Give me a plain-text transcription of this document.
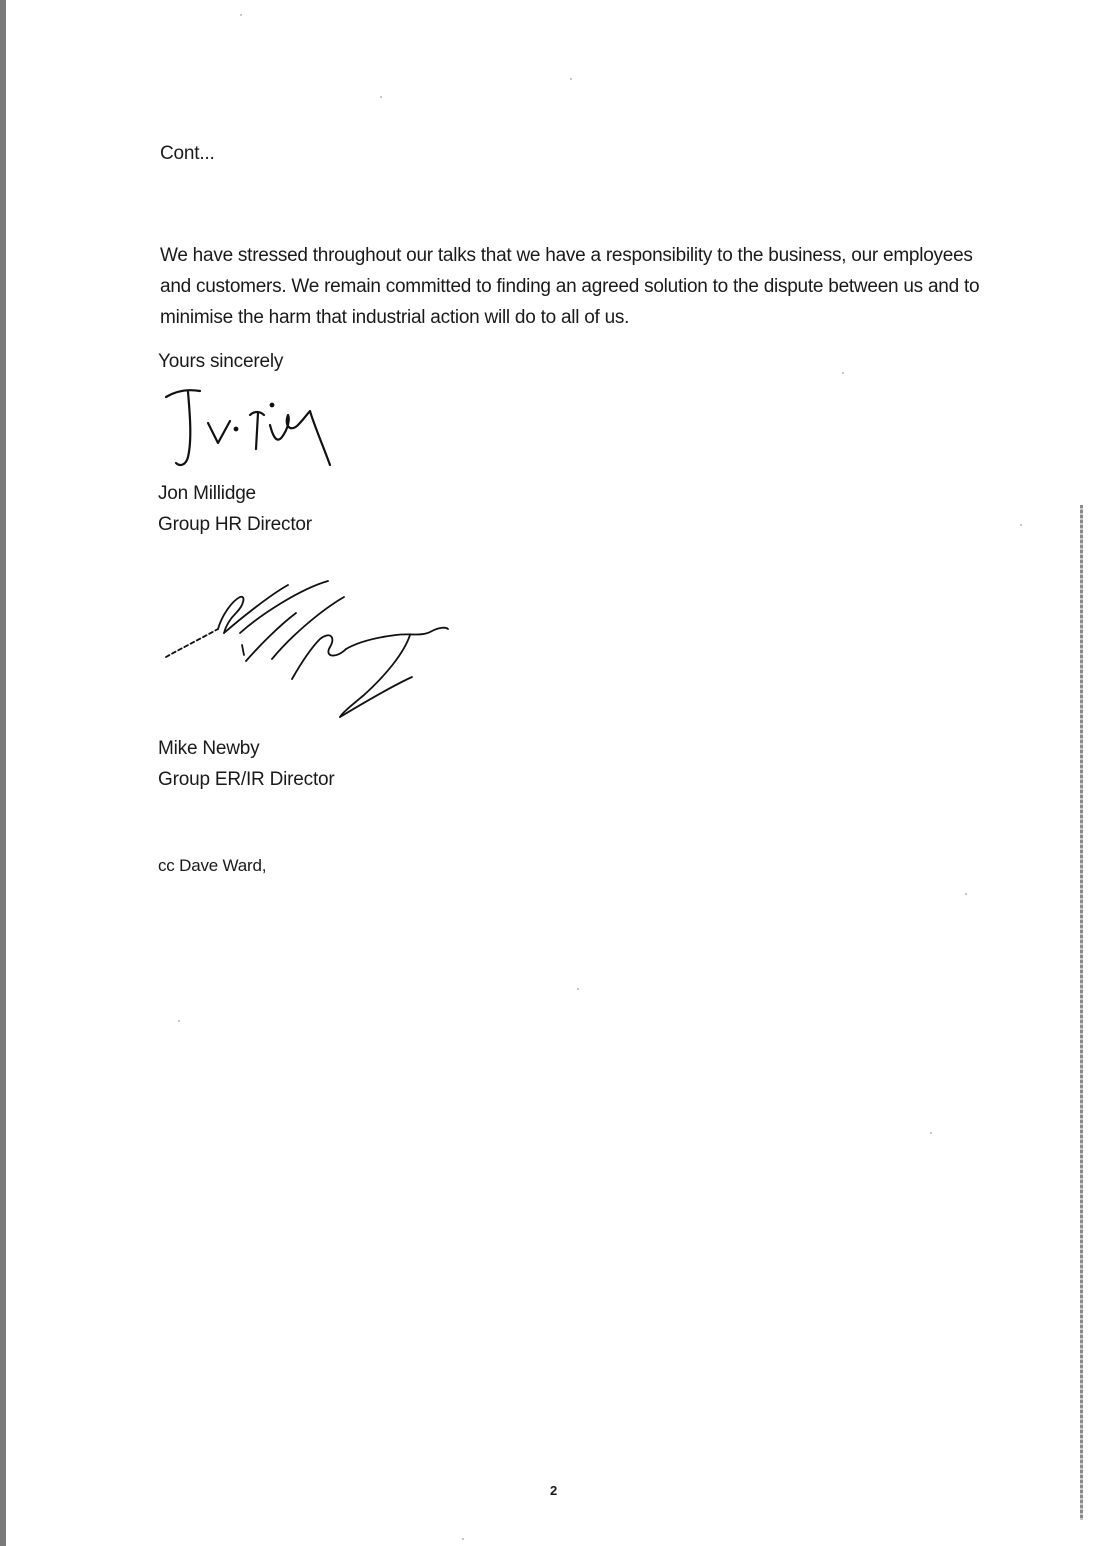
Cont...

We have stressed throughout our talks that we have a responsibility to the business, our employees and customers. We remain committed to finding an agreed solution to the dispute between us and to minimise the harm that industrial action will do to all of us.

Yours sincerely

Jon Millidge

Group HR Director

Mike Newby

Group ER/IR Director

cc Dave Ward,

2
